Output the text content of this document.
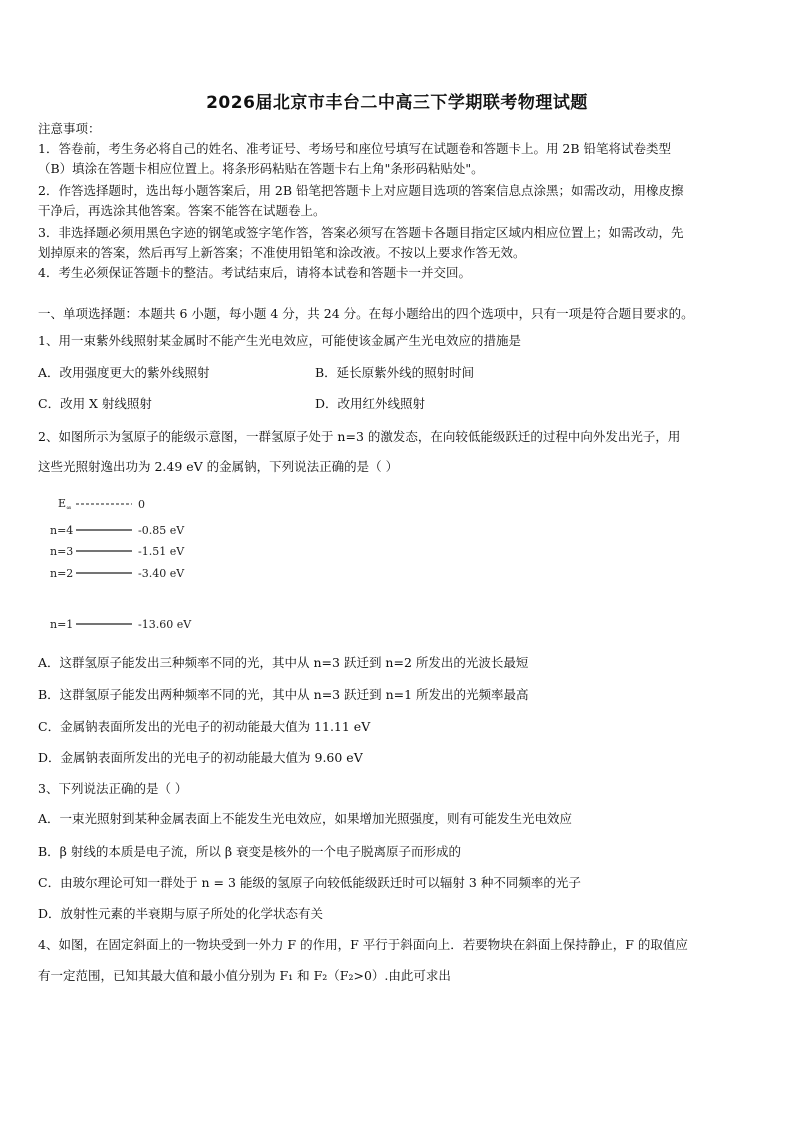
2026届北京市丰台二中高三下学期联考物理试题
注意事项：
1．答卷前，考生务必将自己的姓名、准考证号、考场号和座位号填写在试题卷和答题卡上。用 2B 铅笔将试卷类型
（B）填涂在答题卡相应位置上。将条形码粘贴在答题卡右上角"条形码粘贴处"。
2．作答选择题时，选出每小题答案后，用 2B 铅笔把答题卡上对应题目选项的答案信息点涂黑；如需改动，用橡皮擦
干净后，再选涂其他答案。答案不能答在试题卷上。
3．非选择题必须用黑色字迹的钢笔或签字笔作答，答案必须写在答题卡各题目指定区域内相应位置上；如需改动，先
划掉原来的答案，然后再写上新答案；不准使用铅笔和涂改液。不按以上要求作答无效。
4．考生必须保证答题卡的整洁。考试结束后，请将本试卷和答题卡一并交回。
一、单项选择题：本题共 6 小题，每小题 4 分，共 24 分。在每小题给出的四个选项中，只有一项是符合题目要求的。
1、用一束紫外线照射某金属时不能产生光电效应，可能使该金属产生光电效应的措施是
A．改用强度更大的紫外线照射	B．延长原紫外线的照射时间
C．改用 X 射线照射	D．改用红外线照射
2、如图所示为氢原子的能级示意图，一群氢原子处于 n=3 的激发态，在向较低能级跃迁的过程中向外发出光子，用
这些光照射逸出功为 2.49 eV 的金属钠，下列说法正确的是（ ）
E ∞	0
n=4	-0.85 eV
n=3	-1.51 eV
n=2	-3.40 eV
n=1	-13.60 eV
A．这群氢原子能发出三种频率不同的光，其中从 n=3 跃迁到 n=2 所发出的光波长最短
B．这群氢原子能发出两种频率不同的光，其中从 n=3 跃迁到 n=1 所发出的光频率最高
C．金属钠表面所发出的光电子的初动能最大值为 11.11 eV
D．金属钠表面所发出的光电子的初动能最大值为 9.60 eV
3、下列说法正确的是（ ）
A．一束光照射到某种金属表面上不能发生光电效应，如果增加光照强度，则有可能发生光电效应
B．β 射线的本质是电子流，所以 β 衰变是核外的一个电子脱离原子而形成的
C．由玻尔理论可知一群处于 n = 3 能级的氢原子向较低能级跃迁时可以辐射 3 种不同频率的光子
D．放射性元素的半衰期与原子所处的化学状态有关
4、如图，在固定斜面上的一物块受到一外力 F 的作用，F 平行于斜面向上．若要物块在斜面上保持静止，F 的取值应
有一定范围，已知其最大值和最小值分别为 F₁ 和 F₂（F₂>0）.由此可求出
